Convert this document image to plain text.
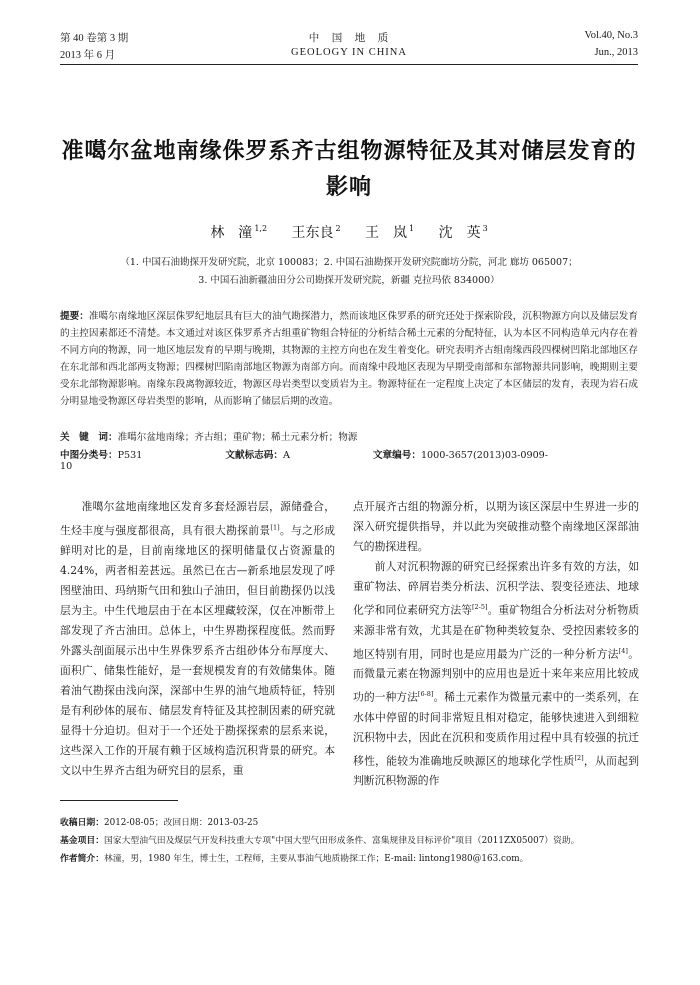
第 40 卷第 3 期	中　国　地　质	Vol.40, No.3
2013 年 6 月	GEOLOGY IN CHINA	Jun., 2013
准噶尔盆地南缘侏罗系齐古组物源特征及其对储层发育的影响
林　潼 $^{1,2}$ 王东良 $^2$ 王　岚 $^1$ 沈　英 $^3$
（1. 中国石油勘探开发研究院，北京 100083；2. 中国石油勘探开发研究院廊坊分院，河北 廊坊 065007；
3. 中国石油新疆油田分公司勘探开发研究院，新疆 克拉玛依 834000）
提要：准噶尔南缘地区深层侏罗纪地层具有巨大的油气勘探潜力，然而该地区侏罗系的研究还处于探索阶段，沉积物源方向以及储层发育的主控因素都还不清楚。本文通过对该区侏罗系齐古组重矿物组合特征的分析结合稀土元素的分配特征，认为本区不同构造单元内存在着不同方向的物源，同一地区地层发育的早期与晚期，其物源的主控方向也在发生着变化。研究表明齐古组南缘西段四棵树凹陷北部地区存在东北部和西北部两支物源；四棵树凹陷南部地区物源为南部方向。而南缘中段地区表现为早期受南部和东部物源共同影响，晚期则主要受东北部物源影响。南缘东段离物源较近，物源区母岩类型以变质岩为主。物源特征在一定程度上决定了本区储层的发育，表现为岩石成分明显地受物源区母岩类型的影响，从而影响了储层后期的改造。
关　键　词：准噶尔盆地南缘；齐古组；重矿物；稀土元素分析；物源
中图分类号：P531	文献标志码：A	文章编号：1000-3657(2013)03-0909-10
准噶尔盆地南缘地区发育多套烃源岩层，源储叠合，生烃丰度与强度都很高，具有很大勘探前景[1]。与之形成鲜明对比的是，目前南缘地区的探明储量仅占资源量的 4.24%，两者相差甚远。虽然已在古—新系地层发现了呼图壁油田、玛纳斯气田和独山子油田，但目前勘探仍以浅层为主。中生代地层由于在本区埋藏较深，仅在冲断带上部发现了齐古油田。总体上，中生界勘探程度低。然而野外露头剖面展示出中生界侏罗系齐古组砂体分布厚度大、面积广、储集性能好，是一套规模发育的有效储集体。随着油气勘探由浅向深，深部中生界的油气地质特征，特别是有利砂体的展布、储层发育特征及其控制因素的研究就显得十分迫切。但对于一个还处于勘探探索的层系来说，这些深入工作的开展有赖于区域构造沉积背景的研究。本文以中生界齐古组为研究目的层系，重

点开展齐古组的物源分析，以期为该区深层中生界进一步的深入研究提供指导，并以此为突破推动整个南缘地区深部油气的勘探进程。

前人对沉积物源的研究已经探索出许多有效的方法，如重矿物法、碎屑岩类分析法、沉积学法、裂变径迹法、地球化学和同位素研究方法等[2-5]。重矿物组合分析法对分析物质来源非常有效，尤其是在矿物种类较复杂、受控因素较多的地区特别有用，同时也是应用最为广泛的一种分析方法[4]。而微量元素在物源判别中的应用也是近十来年来应用比较成功的一种方法[6-8]。稀土元素作为微量元素中的一类系列，在水体中停留的时间非常短且相对稳定，能够快速进入到细粒沉积物中去，因此在沉积和变质作用过程中具有较强的抗迁移性，能较为准确地反映源区的地球化学性质[2]，从而起到判断沉积物源的作

收稿日期：2012-08-05；改回日期：2013-03-25
基金项目：国家大型油气田及煤层气开发科技重大专项"中国大型气田形成条件、富集规律及目标评价"项目（2011ZX05007）资助。
作者简介：林潼，男，1980 年生，博士生，工程师，主要从事油气地质勘探工作；E-mail: lintong1980@163.com。
